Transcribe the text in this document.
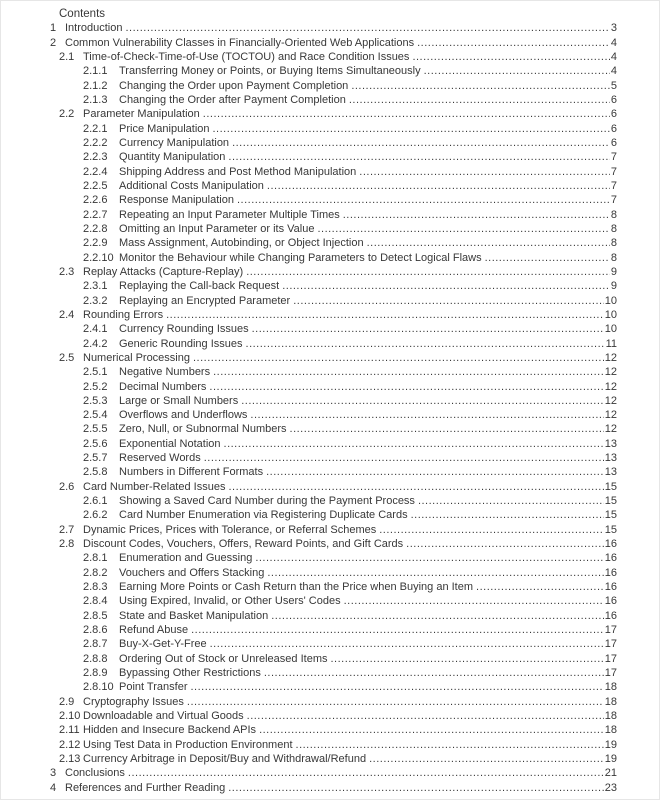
Contents
1 Introduction .....	3
2 Common Vulnerability Classes in Financially-Oriented Web Applications .....	4
2.1 Time-of-Check-Time-of-Use (TOCTOU) and Race Condition Issues .....	4
2.1.1	Transferring Money or Points, or Buying Items Simultaneously .....	4
2.1.2	Changing the Order upon Payment Completion .....	5
2.1.3	Changing the Order after Payment Completion .....	6
2.2 Parameter Manipulation .....	6
2.2.1	Price Manipulation .....	6
2.2.2	Currency Manipulation .....	6
2.2.3	Quantity Manipulation .....	7
2.2.4	Shipping Address and Post Method Manipulation .....	7
2.2.5	Additional Costs Manipulation .....	7
2.2.6	Response Manipulation .....	7
2.2.7	Repeating an Input Parameter Multiple Times .....	8
2.2.8	Omitting an Input Parameter or its Value .....	8
2.2.9	Mass Assignment, Autobinding, or Object Injection .....	8
2.2.10 Monitor the Behaviour while Changing Parameters to Detect Logical Flaws .....	8
2.3 Replay Attacks (Capture-Replay) .....	9
2.3.1	Replaying the Call-back Request .....	9
2.3.2	Replaying an Encrypted Parameter .....	10
2.4 Rounding Errors .....	10
2.4.1	Currency Rounding Issues .....	10
2.4.2	Generic Rounding Issues .....	11
2.5 Numerical Processing .....	12
2.5.1	Negative Numbers .....	12
2.5.2	Decimal Numbers .....	12
2.5.3	Large or Small Numbers .....	12
2.5.4	Overflows and Underflows .....	12
2.5.5	Zero, Null, or Subnormal Numbers .....	12
2.5.6	Exponential Notation .....	13
2.5.7	Reserved Words .....	13
2.5.8	Numbers in Different Formats .....	13
2.6 Card Number-Related Issues .....	15
2.6.1	Showing a Saved Card Number during the Payment Process .....	15
2.6.2	Card Number Enumeration via Registering Duplicate Cards .....	15
2.7 Dynamic Prices, Prices with Tolerance, or Referral Schemes .....	15
2.8 Discount Codes, Vouchers, Offers, Reward Points, and Gift Cards .....	16
2.8.1	Enumeration and Guessing .....	16
2.8.2	Vouchers and Offers Stacking .....	16
2.8.3	Earning More Points or Cash Return than the Price when Buying an Item .....	16
2.8.4	Using Expired, Invalid, or Other Users' Codes .....	16
2.8.5	State and Basket Manipulation .....	16
2.8.6	Refund Abuse .....	17
2.8.7	Buy-X-Get-Y-Free .....	17
2.8.8	Ordering Out of Stock or Unreleased Items .....	17
2.8.9	Bypassing Other Restrictions .....	17
2.8.10 Point Transfer .....	18
2.9 Cryptography Issues .....	18
2.10 Downloadable and Virtual Goods .....	18
2.11 Hidden and Insecure Backend APIs .....	18
2.12 Using Test Data in Production Environment .....	19
2.13 Currency Arbitrage in Deposit/Buy and Withdrawal/Refund .....	19
3 Conclusions .....	21
4 References and Further Reading .....	23
